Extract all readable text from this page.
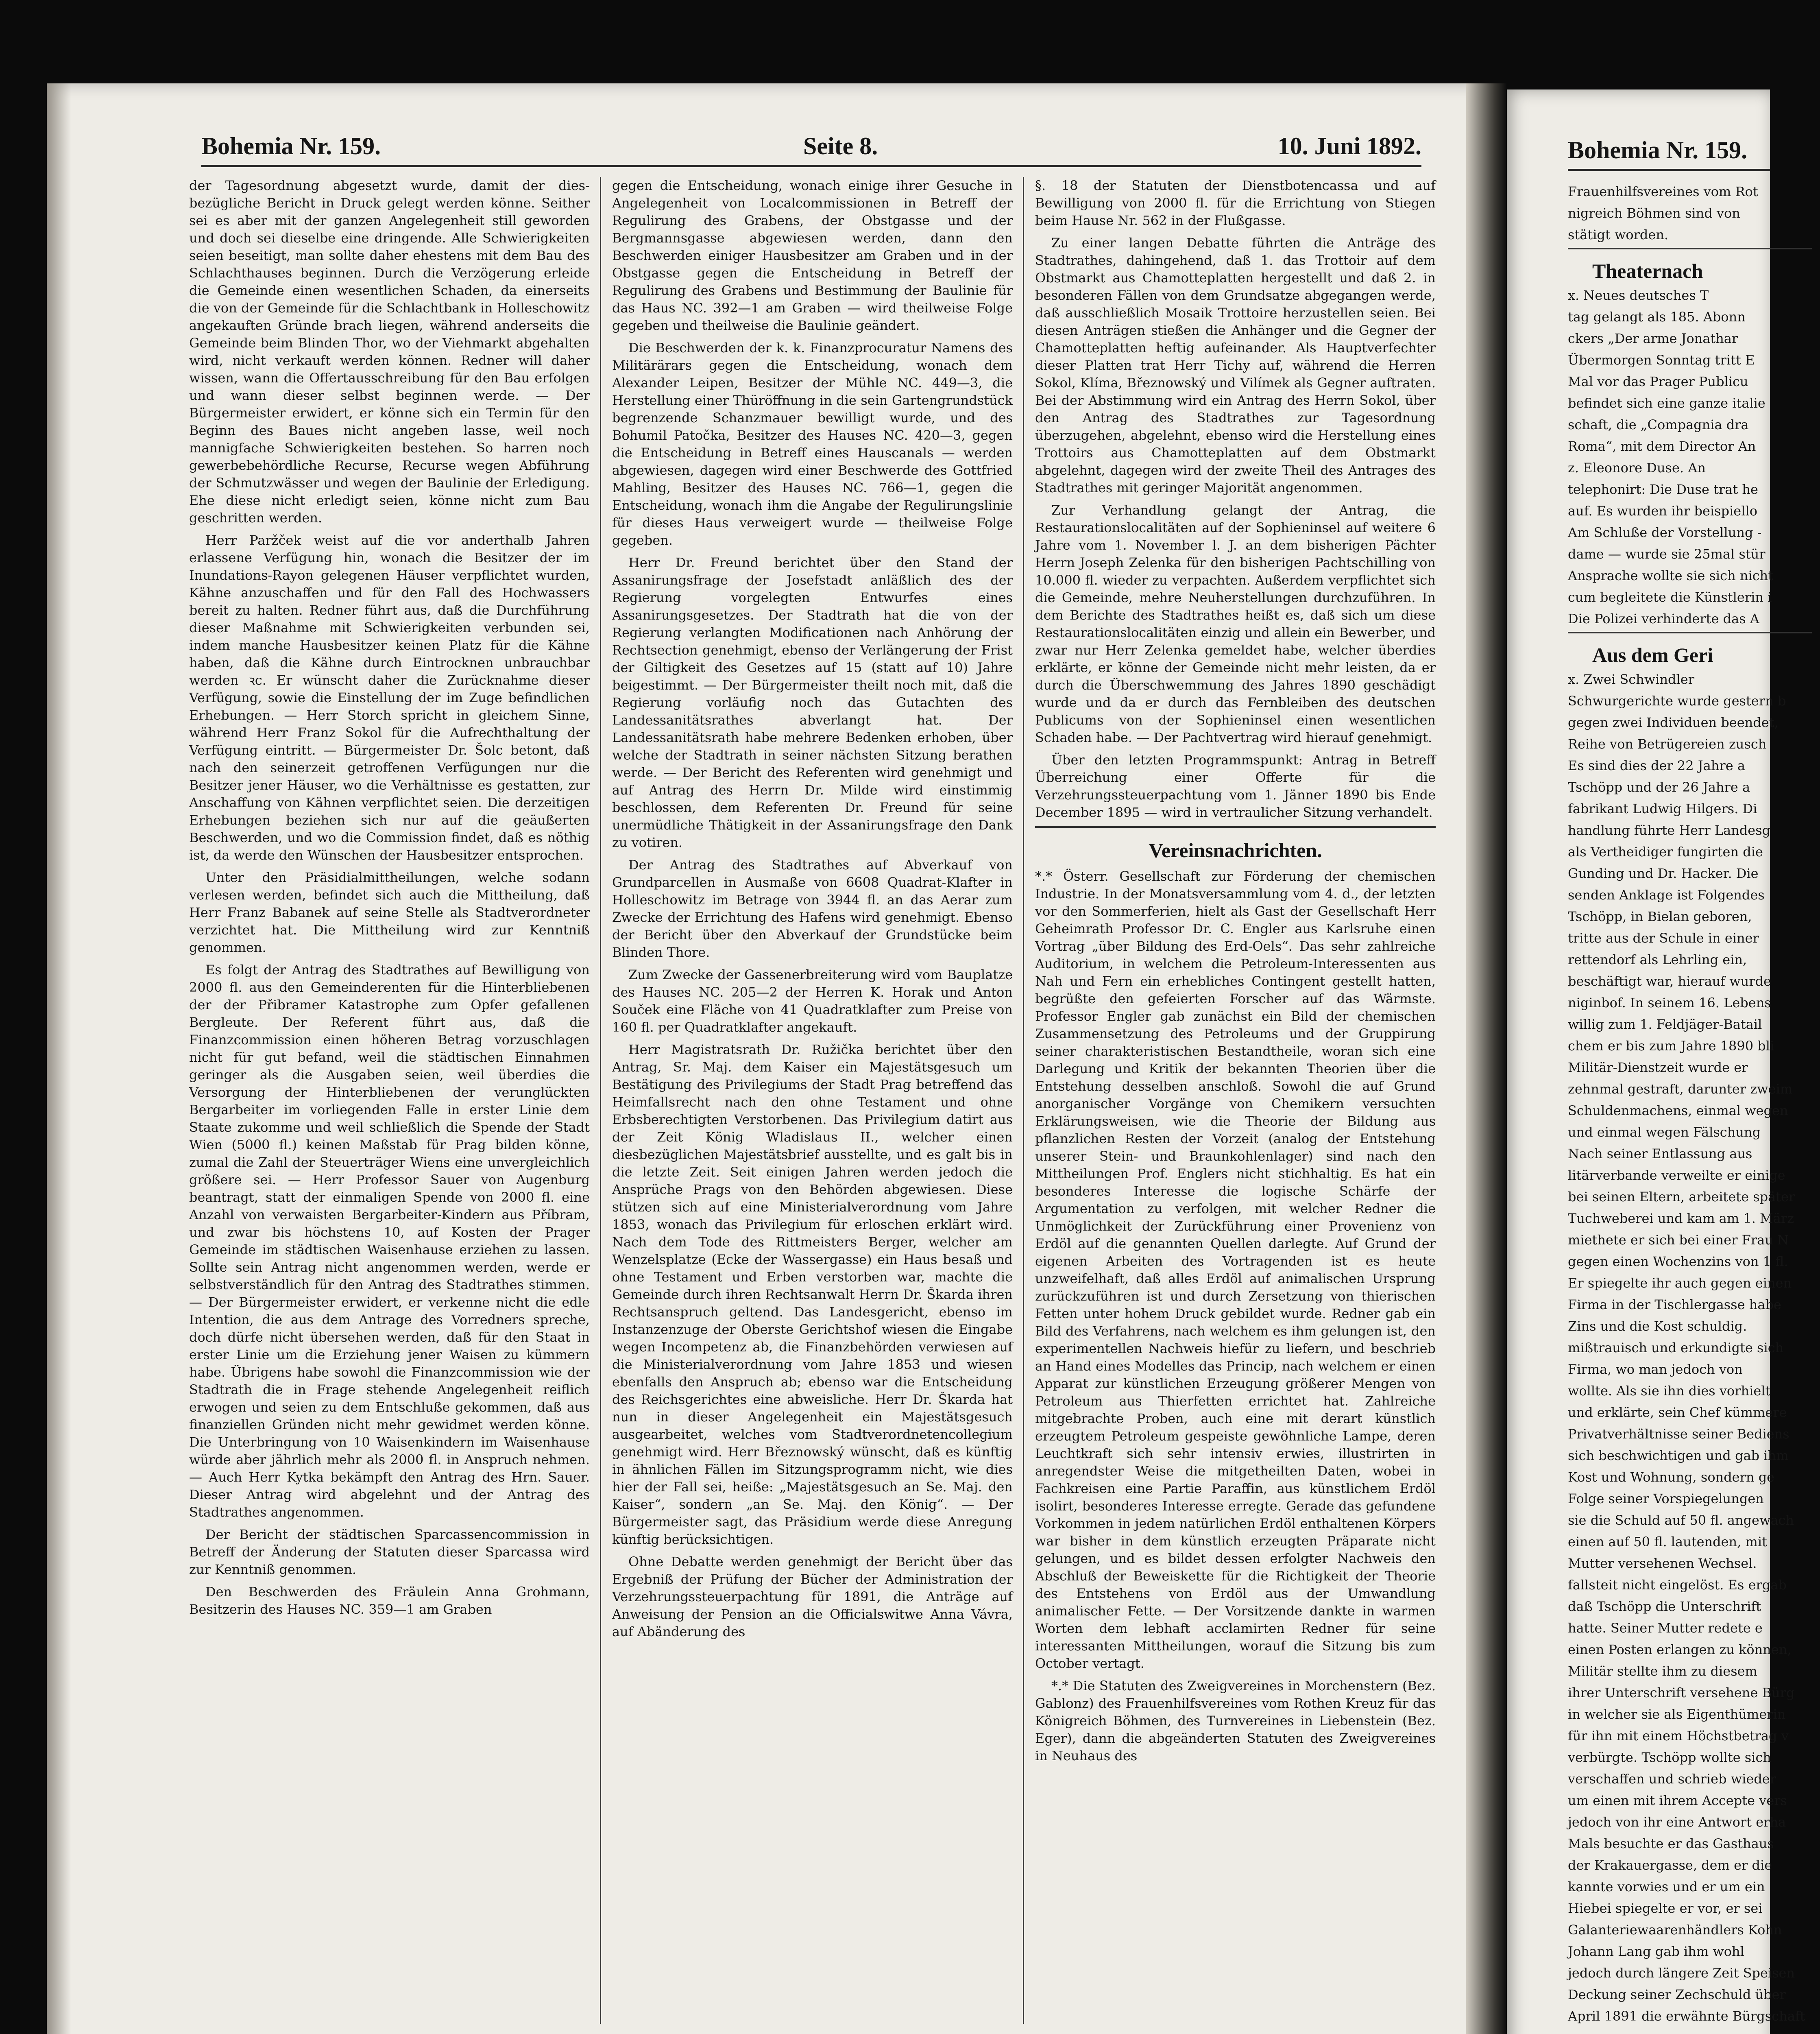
Bohemia Nr. 159.	Seite 8.	10. Juni 1892.

der Tagesordnung abgesetzt wurde, damit der dies-bezügliche Bericht in Druck gelegt werden könne. Seither sei es aber mit der ganzen Angelegenheit still geworden und doch sei dieselbe eine dringende. Alle Schwierigkeiten seien beseitigt, man sollte daher ehestens mit dem Bau des Schlachthauses beginnen. Durch die Verzögerung erleide die Gemeinde einen wesentlichen Schaden, da einerseits die von der Gemeinde für die Schlachtbank in Holleschowitz angekauften Gründe brach liegen, während anderseits die Gemeinde beim Blinden Thor, wo der Viehmarkt abgehalten wird, nicht verkauft werden können. Redner will daher wissen, wann die Offertausschreibung für den Bau erfolgen und wann dieser selbst beginnen werde. — Der Bürgermeister erwidert, er könne sich ein Termin für den Beginn des Baues nicht angeben lasse, weil noch mannigfache Schwierigkeiten bestehen. So harren noch gewerbebehördliche Recurse, Recurse wegen Abführung der Schmutzwässer und wegen der Baulinie der Erledigung. Ehe diese nicht erledigt seien, könne nicht zum Bau geschritten werden.

Herr Paržček weist auf die vor anderthalb Jahren erlassene Verfügung hin, wonach die Besitzer der im Inundations-Rayon gelegenen Häuser verpflichtet wurden, Kähne anzuschaffen und für den Fall des Hochwassers bereit zu halten. Redner führt aus, daß die Durchführung dieser Maßnahme mit Schwierigkeiten verbunden sei, indem manche Hausbesitzer keinen Platz für die Kähne haben, daß die Kähne durch Eintrocknen unbrauchbar werden ꝛc. Er wünscht daher die Zurücknahme dieser Verfügung, sowie die Einstellung der im Zuge befindlichen Erhebungen. — Herr Storch spricht in gleichem Sinne, während Herr Franz Sokol für die Aufrechthaltung der Verfügung eintritt. — Bürgermeister Dr. Šolc betont, daß nach den seinerzeit getroffenen Verfügungen nur die Besitzer jener Häuser, wo die Verhältnisse es gestatten, zur Anschaffung von Kähnen verpflichtet seien. Die derzeitigen Erhebungen beziehen sich nur auf die geäußerten Beschwerden, und wo die Commission findet, daß es nöthig ist, da werde den Wünschen der Hausbesitzer entsprochen.

Unter den Präsidialmittheilungen, welche sodann verlesen werden, befindet sich auch die Mittheilung, daß Herr Franz Babanek auf seine Stelle als Stadtverordneter verzichtet hat. Die Mittheilung wird zur Kenntniß genommen.

Es folgt der Antrag des Stadtrathes auf Bewilligung von 2000 fl. aus den Gemeinderenten für die Hinterbliebenen der der Přibramer Katastrophe zum Opfer gefallenen Bergleute. Der Referent führt aus, daß die Finanzcommission einen höheren Betrag vorzuschlagen nicht für gut befand, weil die städtischen Einnahmen geringer als die Ausgaben seien, weil überdies die Versorgung der Hinterbliebenen der verunglückten Bergarbeiter im vorliegenden Falle in erster Linie dem Staate zukomme und weil schließlich die Spende der Stadt Wien (5000 fl.) keinen Maßstab für Prag bilden könne, zumal die Zahl der Steuerträger Wiens eine unvergleichlich größere sei. — Herr Professor Sauer von Augenburg beantragt, statt der einmaligen Spende von 2000 fl. eine Anzahl von verwaisten Bergarbeiter-Kindern aus Příbram, und zwar bis höchstens 10, auf Kosten der Prager Gemeinde im städtischen Waisenhause erziehen zu lassen. Sollte sein Antrag nicht angenommen werden, werde er selbstverständlich für den Antrag des Stadtrathes stimmen. — Der Bürgermeister erwidert, er verkenne nicht die edle Intention, die aus dem Antrage des Vorredners spreche, doch dürfe nicht übersehen werden, daß für den Staat in erster Linie um die Erziehung jener Waisen zu kümmern habe. Übrigens habe sowohl die Finanzcommission wie der Stadtrath die in Frage stehende Angelegenheit reiflich erwogen und seien zu dem Entschluße gekommen, daß aus finanziellen Gründen nicht mehr gewidmet werden könne. Die Unterbringung von 10 Waisenkindern im Waisenhause würde aber jährlich mehr als 2000 fl. in Anspruch nehmen. — Auch Herr Kytka bekämpft den Antrag des Hrn. Sauer. Dieser Antrag wird abgelehnt und der Antrag des Stadtrathes angenommen.

Der Bericht der städtischen Sparcassencommission in Betreff der Änderung der Statuten dieser Sparcassa wird zur Kenntniß genommen.

Den Beschwerden des Fräulein Anna Grohmann, Besitzerin des Hauses NC. 359—1 am Graben

gegen die Entscheidung, wonach einige ihrer Gesuche in Angelegenheit von Localcommissionen in Betreff der Regulirung des Grabens, der Obstgasse und der Bergmannsgasse abgewiesen werden, dann den Beschwerden einiger Hausbesitzer am Graben und in der Obstgasse gegen die Entscheidung in Betreff der Regulirung des Grabens und Bestimmung der Baulinie für das Haus NC. 392—1 am Graben — wird theilweise Folge gegeben und theilweise die Baulinie geändert.

Die Beschwerden der k. k. Finanzprocuratur Namens des Militärärars gegen die Entscheidung, wonach dem Alexander Leipen, Besitzer der Mühle NC. 449—3, die Herstellung einer Thüröffnung in die sein Gartengrundstück begrenzende Schanzmauer bewilligt wurde, und des Bohumil Patočka, Besitzer des Hauses NC. 420—3, gegen die Entscheidung in Betreff eines Hauscanals — werden abgewiesen, dagegen wird einer Beschwerde des Gottfried Mahling, Besitzer des Hauses NC. 766—1, gegen die Entscheidung, wonach ihm die Angabe der Regulirungslinie für dieses Haus verweigert wurde — theilweise Folge gegeben.

Herr Dr. Freund berichtet über den Stand der Assanirungsfrage der Josefstadt anläßlich des der Regierung vorgelegten Entwurfes eines Assanirungsgesetzes. Der Stadtrath hat die von der Regierung verlangten Modificationen nach Anhörung der Rechtsection genehmigt, ebenso der Verlängerung der Frist der Giltigkeit des Gesetzes auf 15 (statt auf 10) Jahre beigestimmt. — Der Bürgermeister theilt noch mit, daß die Regierung vorläufig noch das Gutachten des Landessanitätsrathes abverlangt hat. Der Landessanitätsrath habe mehrere Bedenken erhoben, über welche der Stadtrath in seiner nächsten Sitzung berathen werde. — Der Bericht des Referenten wird genehmigt und auf Antrag des Herrn Dr. Milde wird einstimmig beschlossen, dem Referenten Dr. Freund für seine unermüdliche Thätigkeit in der Assanirungsfrage den Dank zu votiren.

Der Antrag des Stadtrathes auf Abverkauf von Grundparcellen in Ausmaße von 6608 Quadrat-Klafter in Holleschowitz im Betrage von 3944 fl. an das Aerar zum Zwecke der Errichtung des Hafens wird genehmigt. Ebenso der Bericht über den Abverkauf der Grundstücke beim Blinden Thore.

Zum Zwecke der Gassenerbreiterung wird vom Bauplatze des Hauses NC. 205—2 der Herren K. Horak und Anton Souček eine Fläche von 41 Quadratklafter zum Preise von 160 fl. per Quadratklafter angekauft.

Herr Magistratsrath Dr. Ružička berichtet über den Antrag, Sr. Maj. dem Kaiser ein Majestätsgesuch um Bestätigung des Privilegiums der Stadt Prag betreffend das Heimfallsrecht nach den ohne Testament und ohne Erbsberechtigten Verstorbenen. Das Privilegium datirt aus der Zeit König Wladislaus II., welcher einen diesbezüglichen Majestätsbrief ausstellte, und es galt bis in die letzte Zeit. Seit einigen Jahren werden jedoch die Ansprüche Prags von den Behörden abgewiesen. Diese stützen sich auf eine Ministerialverordnung vom Jahre 1853, wonach das Privilegium für erloschen erklärt wird. Nach dem Tode des Rittmeisters Berger, welcher am Wenzelsplatze (Ecke der Wassergasse) ein Haus besaß und ohne Testament und Erben verstorben war, machte die Gemeinde durch ihren Rechtsanwalt Herrn Dr. Škarda ihren Rechtsanspruch geltend. Das Landesgericht, ebenso im Instanzenzuge der Oberste Gerichtshof wiesen die Eingabe wegen Incompetenz ab, die Finanzbehörden verwiesen auf die Ministerialverordnung vom Jahre 1853 und wiesen ebenfalls den Anspruch ab; ebenso war die Entscheidung des Reichsgerichtes eine abweisliche. Herr Dr. Škarda hat nun in dieser Angelegenheit ein Majestätsgesuch ausgearbeitet, welches vom Stadtverordnetencollegium genehmigt wird. Herr Březnowský wünscht, daß es künftig in ähnlichen Fällen im Sitzungsprogramm nicht, wie dies hier der Fall sei, heiße: „Majestätsgesuch an Se. Maj. den Kaiser“, sondern „an Se. Maj. den König“. — Der Bürgermeister sagt, das Präsidium werde diese Anregung künftig berücksichtigen.

Ohne Debatte werden genehmigt der Bericht über das Ergebniß der Prüfung der Bücher der Administration der Verzehrungssteuerpachtung für 1891, die Anträge auf Anweisung der Pension an die Officialswitwe Anna Vávra, auf Abänderung des

§. 18 der Statuten der Dienstbotencassa und auf Bewilligung von 2000 fl. für die Errichtung von Stiegen beim Hause Nr. 562 in der Flußgasse.

Zu einer langen Debatte führten die Anträge des Stadtrathes, dahingehend, daß 1. das Trottoir auf dem Obstmarkt aus Chamotteplatten hergestellt und daß 2. in besonderen Fällen von dem Grundsatze abgegangen werde, daß ausschließlich Mosaik Trottoire herzustellen seien. Bei diesen Anträgen stießen die Anhänger und die Gegner der Chamotteplatten heftig aufeinander. Als Hauptverfechter dieser Platten trat Herr Tichy auf, während die Herren Sokol, Klíma, Březnowský und Vilímek als Gegner auftraten. Bei der Abstimmung wird ein Antrag des Herrn Sokol, über den Antrag des Stadtrathes zur Tagesordnung überzugehen, abgelehnt, ebenso wird die Herstellung eines Trottoirs aus Chamotteplatten auf dem Obstmarkt abgelehnt, dagegen wird der zweite Theil des Antrages des Stadtrathes mit geringer Majorität angenommen.

Zur Verhandlung gelangt der Antrag, die Restaurationslocalitäten auf der Sophieninsel auf weitere 6 Jahre vom 1. November l. J. an dem bisherigen Pächter Herrn Joseph Zelenka für den bisherigen Pachtschilling von 10.000 fl. wieder zu verpachten. Außerdem verpflichtet sich die Gemeinde, mehre Neuherstellungen durchzuführen. In dem Berichte des Stadtrathes heißt es, daß sich um diese Restaurationslocalitäten einzig und allein ein Bewerber, und zwar nur Herr Zelenka gemeldet habe, welcher überdies erklärte, er könne der Gemeinde nicht mehr leisten, da er durch die Überschwemmung des Jahres 1890 geschädigt wurde und da er durch das Fernbleiben des deutschen Publicums von der Sophieninsel einen wesentlichen Schaden habe. — Der Pachtvertrag wird hierauf genehmigt.

Über den letzten Programmspunkt: Antrag in Betreff Überreichung einer Offerte für die Verzehrungssteuerpachtung vom 1. Jänner 1890 bis Ende December 1895 — wird in vertraulicher Sitzung verhandelt.

Vereinsnachrichten.

*.* Österr. Gesellschaft zur Förderung der chemischen Industrie. In der Monatsversammlung vom 4. d., der letzten vor den Sommerferien, hielt als Gast der Gesellschaft Herr Geheimrath Professor Dr. C. Engler aus Karlsruhe einen Vortrag „über Bildung des Erd-Oels“. Das sehr zahlreiche Auditorium, in welchem die Petroleum-Interessenten aus Nah und Fern ein erhebliches Contingent gestellt hatten, begrüßte den gefeierten Forscher auf das Wärmste. Professor Engler gab zunächst ein Bild der chemischen Zusammensetzung des Petroleums und der Gruppirung seiner charakteristischen Bestandtheile, woran sich eine Darlegung und Kritik der bekannten Theorien über die Entstehung desselben anschloß. Sowohl die auf Grund anorganischer Vorgänge von Chemikern versuchten Erklärungsweisen, wie die Theorie der Bildung aus pflanzlichen Resten der Vorzeit (analog der Entstehung unserer Stein- und Braunkohlenlager) sind nach den Mittheilungen Prof. Englers nicht stichhaltig. Es hat ein besonderes Interesse die logische Schärfe der Argumentation zu verfolgen, mit welcher Redner die Unmöglichkeit der Zurückführung einer Provenienz von Erdöl auf die genannten Quellen darlegte. Auf Grund der eigenen Arbeiten des Vortragenden ist es heute unzweifelhaft, daß alles Erdöl auf animalischen Ursprung zurückzuführen ist und durch Zersetzung von thierischen Fetten unter hohem Druck gebildet wurde. Redner gab ein Bild des Verfahrens, nach welchem es ihm gelungen ist, den experimentellen Nachweis hiefür zu liefern, und beschrieb an Hand eines Modelles das Princip, nach welchem er einen Apparat zur künstlichen Erzeugung größerer Mengen von Petroleum aus Thierfetten errichtet hat. Zahlreiche mitgebrachte Proben, auch eine mit derart künstlich erzeugtem Petroleum gespeiste gewöhnliche Lampe, deren Leuchtkraft sich sehr intensiv erwies, illustrirten in anregendster Weise die mitgetheilten Daten, wobei in Fachkreisen eine Partie Paraffin, aus künstlichem Erdöl isolirt, besonderes Interesse erregte. Gerade das gefundene Vorkommen in jedem natürlichen Erdöl enthaltenen Körpers war bisher in dem künstlich erzeugten Präparate nicht gelungen, und es bildet dessen erfolgter Nachweis den Abschluß der Beweiskette für die Richtigkeit der Theorie des Entstehens von Erdöl aus der Umwandlung animalischer Fette. — Der Vorsitzende dankte in warmen Worten dem lebhaft acclamirten Redner für seine interessanten Mittheilungen, worauf die Sitzung bis zum October vertagt.

*.* Die Statuten des Zweigvereines in Morchenstern (Bez. Gablonz) des Frauenhilfsvereines vom Rothen Kreuz für das Königreich Böhmen, des Turnvereines in Liebenstein (Bez. Eger), dann die abgeänderten Statuten des Zweigvereines in Neuhaus des

Bohemia Nr. 159.

Frauenhilfsvereines vom Rot

nigreich Böhmen sind von

stätigt worden.

Theaternach

x. Neues deutsches T

tag gelangt als 185. Abonn

ckers „Der arme Jonathar

Übermorgen Sonntag tritt E

Mal vor das Prager Publicu

befindet sich eine ganze italie

schaft, die „Compagnia dra

Roma“, mit dem Director An

z. Eleonore Duse. An

telephonirt: Die Duse trat he

auf. Es wurden ihr beispiello

Am Schluße der Vorstellung -

dame — wurde sie 25mal stür

Ansprache wollte sie sich nicht

cum begleitete die Künstlerin i

Die Polizei verhinderte das A

Aus dem Geri

x. Zwei Schwindler

Schwurgerichte wurde gestern b

gegen zwei Individuen beendet,

Reihe von Betrügereien zusch

Es sind dies der 22 Jahre a

Tschöpp und der 26 Jahre a

fabrikant Ludwig Hilgers. Di

handlung führte Herr Landesg

als Vertheidiger fungirten die

Gunding und Dr. Hacker. Die

senden Anklage ist Folgendes

Tschöpp, in Bielan geboren,

tritte aus der Schule in einer

rettendorf als Lehrling ein,

beschäftigt war, hierauf wurde

niginbof. In seinem 16. Lebens

willig zum 1. Feldjäger-Batail

chem er bis zum Jahre 1890 bli

Militär-Dienstzeit wurde er

zehnmal gestraft, darunter zweim

Schuldenmachens, einmal wegen

und einmal wegen Fälschung

Nach seiner Entlassung aus

litärverbande verweilte er einige

bei seinen Eltern, arbeitete später

Tuchweberei und kam am 1. März

miethete er sich bei einer Frau N

gegen einen Wochenzins von 1 fl.

Er spiegelte ihr auch gegen einen

Firma in der Tischlergasse habe

Zins und die Kost schuldig.

mißtrauisch und erkundigte sich

Firma, wo man jedoch von

wollte. Als sie ihn dies vorhielt

und erklärte, sein Chef kümmere

Privatverhältnisse seiner Bediens

sich beschwichtigen und gab ihm

Kost und Wohnung, sondern ge

Folge seiner Vorspiegelungen

sie die Schuld auf 50 fl. angewach

einen auf 50 fl. lautenden, mit

Mutter versehenen Wechsel.

fallsteit nicht eingelöst. Es ergab

daß Tschöpp die Unterschrift

hatte. Seiner Mutter redete e

einen Posten erlangen zu können,

Militär stellte ihm zu diesem

ihrer Unterschrift versehene Bürg

in welcher sie als Eigenthümerin

für ihn mit einem Höchstbetrag v

verbürgte. Tschöpp wollte sich

verschaffen und schrieb wieder

um einen mit ihrem Accepte vers

jedoch von ihr eine Antwort erha

Mals besuchte er das Gasthaus

der Krakauergasse, dem er die

kannte vorwies und er um ein

Hiebei spiegelte er vor, er sei

Galanteriewaarenhändlers Kohn

Johann Lang gab ihm wohl

jedoch durch längere Zeit Speisen

Deckung seiner Zechschuld über

April 1891 die erwähnte Bürgschaft
